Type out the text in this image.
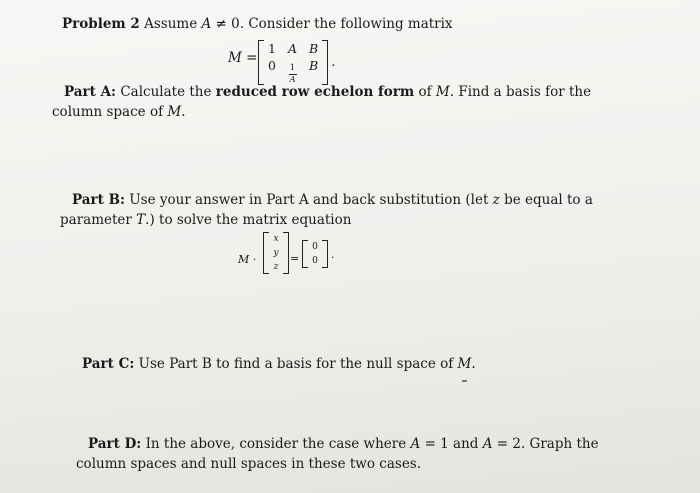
Problem 2 Assume A ≠ 0. Consider the following matrix
M =
1 A B
$0 \frac{1}{A}$ B .
Part A: Calculate the reduced row echelon form of M. Find a basis for the
column space of M.
Part B: Use your answer in Part A and back substitution (let z be equal to a
parameter T.) to solve the matrix equation
M ·
x
y
z
=
0
0
.
Part C: Use Part B to find a basis for the null space of M.
Part D: In the above, consider the case where A = 1 and A = 2. Graph the
column spaces and null spaces in these two cases.
